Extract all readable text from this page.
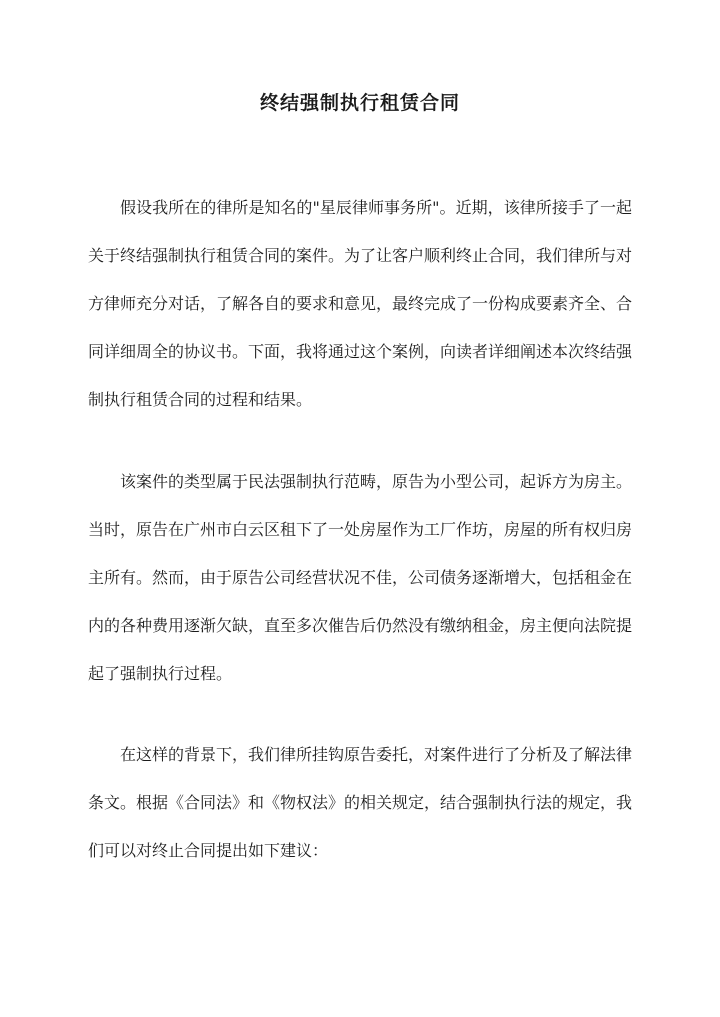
终结强制执行租赁合同

假设我所在的律所是知名的"星辰律师事务所"。近期，该律所接手了一起关于终结强制执行租赁合同的案件。为了让客户顺利终止合同，我们律所与对方律师充分对话，了解各自的要求和意见，最终完成了一份构成要素齐全、合同详细周全的协议书。下面，我将通过这个案例，向读者详细阐述本次终结强制执行租赁合同的过程和结果。

该案件的类型属于民法强制执行范畴，原告为小型公司，起诉方为房主。当时，原告在广州市白云区租下了一处房屋作为工厂作坊，房屋的所有权归房主所有。然而，由于原告公司经营状况不佳，公司债务逐渐增大，包括租金在内的各种费用逐渐欠缺，直至多次催告后仍然没有缴纳租金，房主便向法院提起了强制执行过程。

在这样的背景下，我们律所挂钩原告委托，对案件进行了分析及了解法律条文。根据《合同法》和《物权法》的相关规定，结合强制执行法的规定，我们可以对终止合同提出如下建议：
